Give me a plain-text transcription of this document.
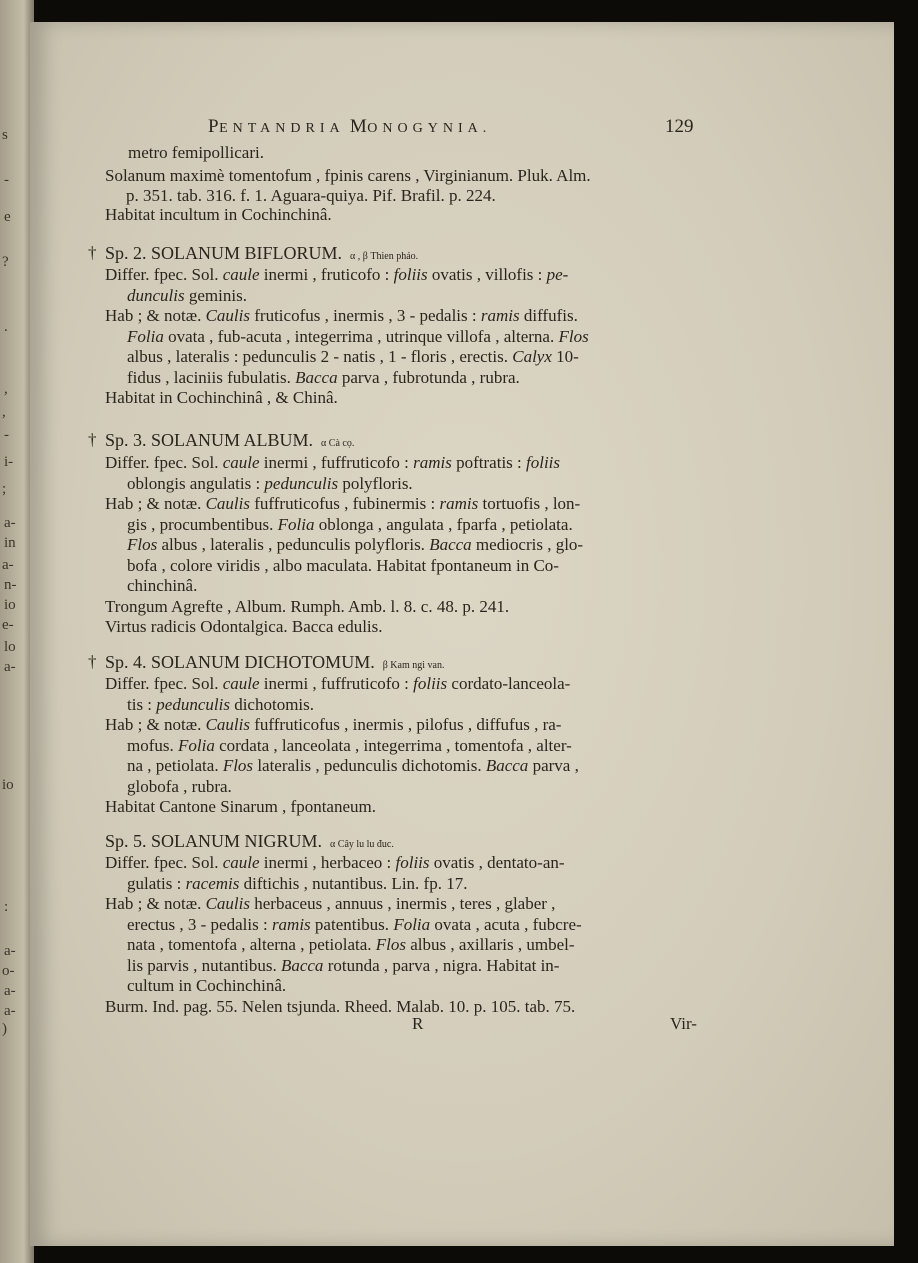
s
-
e
?
.
,
,
-
i-
;
a-
in
a-
n-
io
e-
lo
a-
io
:
a-
o-
a-
a-
)
PENTANDRIA MONOGYNIA.	129
metro femipollicari.
Solanum maximè tomentofum , fpinis carens , Virginianum. Pluk. Alm.
p. 351. tab. 316. f. 1. Aguara-quiya. Pif. Brafil. p. 224.
Habitat incultum in Cochinchinâ.
† Sp. 2. SOLANUM BIFLORUM. α , β Thien pháo.
Differ. fpec. Sol. caule inermi , fruticofo : foliis ovatis , villofis : pe-
dunculis geminis.
Hab ; & notæ. Caulis fruticofus , inermis , 3 - pedalis : ramis diffufis.
Folia ovata , fub-acuta , integerrima , utrinque villofa , alterna. Flos
albus , lateralis : pedunculis 2 - natis , 1 - floris , erectis. Calyx 10-
fidus , laciniis fubulatis. Bacca parva , fubrotunda , rubra.
Habitat in Cochinchinâ , & Chinâ.
† Sp. 3. SOLANUM ALBUM. α Cà cọ.
Differ. fpec. Sol. caule inermi , fuffruticofo : ramis poftratis : foliis
oblongis angulatis : pedunculis polyfloris.
Hab ; & notæ. Caulis fuffruticofus , fubinermis : ramis tortuofis , lon-
gis , procumbentibus. Folia oblonga , angulata , fparfa , petiolata.
Flos albus , lateralis , pedunculis polyfloris. Bacca mediocris , glo-
bofa , colore viridis , albo maculata. Habitat fpontaneum in Co-
chinchinâ.
Trongum Agrefte , Album. Rumph. Amb. l. 8. c. 48. p. 241.
Virtus radicis Odontalgica. Bacca edulis.
† Sp. 4. SOLANUM DICHOTOMUM. β Kam ngi van.
Differ. fpec. Sol. caule inermi , fuffruticofo : foliis cordato-lanceola-
tis : pedunculis dichotomis.
Hab ; & notæ. Caulis fuffruticofus , inermis , pilofus , diffufus , ra-
mofus. Folia cordata , lanceolata , integerrima , tomentofa , alter-
na , petiolata. Flos lateralis , pedunculis dichotomis. Bacca parva ,
globofa , rubra.
Habitat Cantone Sinarum , fpontaneum.
Sp. 5. SOLANUM NIGRUM. α Cây lu lu đuc.
Differ. fpec. Sol. caule inermi , herbaceo : foliis ovatis , dentato-an-
gulatis : racemis diftichis , nutantibus. Lin. fp. 17.
Hab ; & notæ. Caulis herbaceus , annuus , inermis , teres , glaber ,
erectus , 3 - pedalis : ramis patentibus. Folia ovata , acuta , fubcre-
nata , tomentofa , alterna , petiolata. Flos albus , axillaris , umbel-
lis parvis , nutantibus. Bacca rotunda , parva , nigra. Habitat in-
cultum in Cochinchinâ.
Burm. Ind. pag. 55. Nelen tsjunda. Rheed. Malab. 10. p. 105. tab. 75.
R	Vir-
